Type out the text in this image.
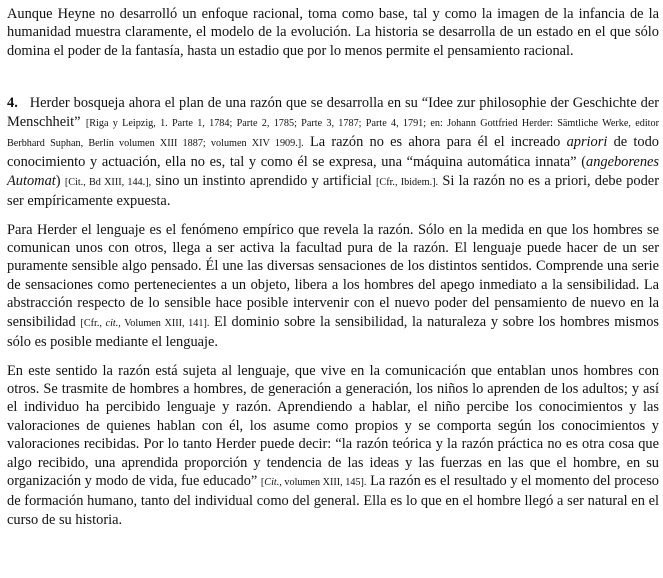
Aunque Heyne no desarrolló un enfoque racional, toma como base, tal y como la imagen de la infancia de la humanidad muestra claramente, el modelo de la evolución. La historia se desarrolla de un estado en el que sólo domina el poder de la fantasía, hasta un estadio que por lo menos permite el pensamiento racional.

4. Herder bosqueja ahora el plan de una razón que se desarrolla en su “Idee zur philosophie der Geschichte der Menschheit” [Riga y Leipzig, 1. Parte 1, 1784; Parte 2, 1785; Parte 3, 1787; Parte 4, 1791; en: Johann Gottfried Herder: Sämtliche Werke, editor Berbhard Suphan, Berlín volumen XIII 1887; volumen XIV 1909.]. La razón no es ahora para él el increado apriori de todo conocimiento y actuación, ella no es, tal y como él se expresa, una “máquina automática innata” (angeborenes Automat) [Cit., Bd XIII, 144.], sino un instinto aprendido y artificial [Cfr., Ibidem.]. Si la razón no es a priori, debe poder ser empíricamente expuesta.

Para Herder el lenguaje es el fenómeno empírico que revela la razón. Sólo en la medida en que los hombres se comunican unos con otros, llega a ser activa la facultad pura de la razón. El lenguaje puede hacer de un ser puramente sensible algo pensado. Él une las diversas sensaciones de los distintos sentidos. Comprende una serie de sensaciones como pertenecientes a un objeto, libera a los hombres del apego inmediato a la sensibilidad. La abstracción respecto de lo sensible hace posible intervenir con el nuevo poder del pensamiento de nuevo en la sensibilidad [Cfr., cit., Volumen XIII, 141]. El dominio sobre la sensibilidad, la naturaleza y sobre los hombres mismos sólo es posible mediante el lenguaje.

En este sentido la razón está sujeta al lenguaje, que vive en la comunicación que entablan unos hombres con otros. Se trasmite de hombres a hombres, de generación a generación, los niños lo aprenden de los adultos; y así el individuo ha percibido lenguaje y razón. Aprendiendo a hablar, el niño percibe los conocimientos y las valoraciones de quienes hablan con él, los asume como propios y se comporta según los conocimientos y valoraciones recibidas. Por lo tanto Herder puede decir: “la razón teórica y la razón práctica no es otra cosa que algo recibido, una aprendida proporción y tendencia de las ideas y las fuerzas en las que el hombre, en su organización y modo de vida, fue educado” [Cit., volumen XIII, 145]. La razón es el resultado y el momento del proceso de formación humano, tanto del individual como del general. Ella es lo que en el hombre llegó a ser natural en el curso de su historia.
